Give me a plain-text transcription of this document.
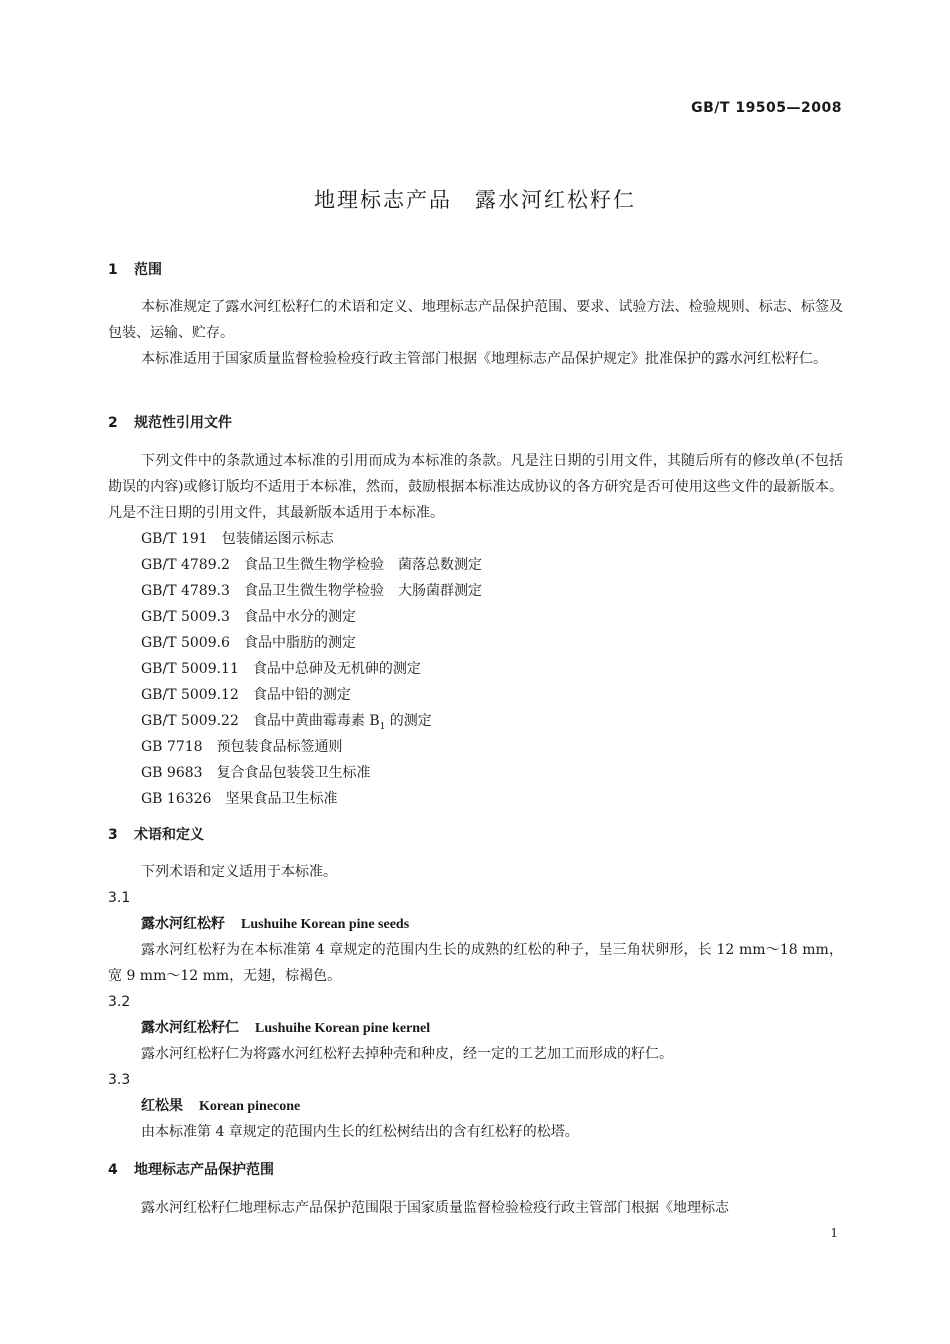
GB/T 19505—2008
地理标志产品　露水河红松籽仁
1 范围

本标准规定了露水河红松籽仁的术语和定义、地理标志产品保护范围、要求、试验方法、检验规则、标志、标签及包装、运输、贮存。

本标准适用于国家质量监督检验检疫行政主管部门根据《地理标志产品保护规定》批准保护的露水河红松籽仁。

2 规范性引用文件

下列文件中的条款通过本标准的引用而成为本标准的条款。凡是注日期的引用文件，其随后所有的修改单(不包括勘误的内容)或修订版均不适用于本标准，然而，鼓励根据本标准达成协议的各方研究是否可使用这些文件的最新版本。凡是不注日期的引用文件，其最新版本适用于本标准。

GB/T 191 包装储运图示标志
GB/T 4789.2 食品卫生微生物学检验　菌落总数测定
GB/T 4789.3 食品卫生微生物学检验　大肠菌群测定
GB/T 5009.3 食品中水分的测定
GB/T 5009.6 食品中脂肪的测定
GB/T 5009.11 食品中总砷及无机砷的测定
GB/T 5009.12 食品中铅的测定
GB/T 5009.22 食品中黄曲霉毒素 $B_1$ 的测定
GB 7718 预包装食品标签通则
GB 9683 复合食品包装袋卫生标准
GB 16326 坚果食品卫生标准
3 术语和定义

下列术语和定义适用于本标准。

3.1
露水河红松籽 Lushuihe Korean pine seeds

露水河红松籽为在本标准第 4 章规定的范围内生长的成熟的红松的种子，呈三角状卵形，长 12 mm～18 mm，宽 9 mm～12 mm，无翅，棕褐色。

3.2
露水河红松籽仁 Lushuihe Korean pine kernel

露水河红松籽仁为将露水河红松籽去掉种壳和种皮，经一定的工艺加工而形成的籽仁。

3.3
红松果 Korean pinecone

由本标准第 4 章规定的范围内生长的红松树结出的含有红松籽的松塔。

4 地理标志产品保护范围
露水河红松籽仁地理标志产品保护范围限于国家质量监督检验检疫行政主管部门根据《地理标志
1
